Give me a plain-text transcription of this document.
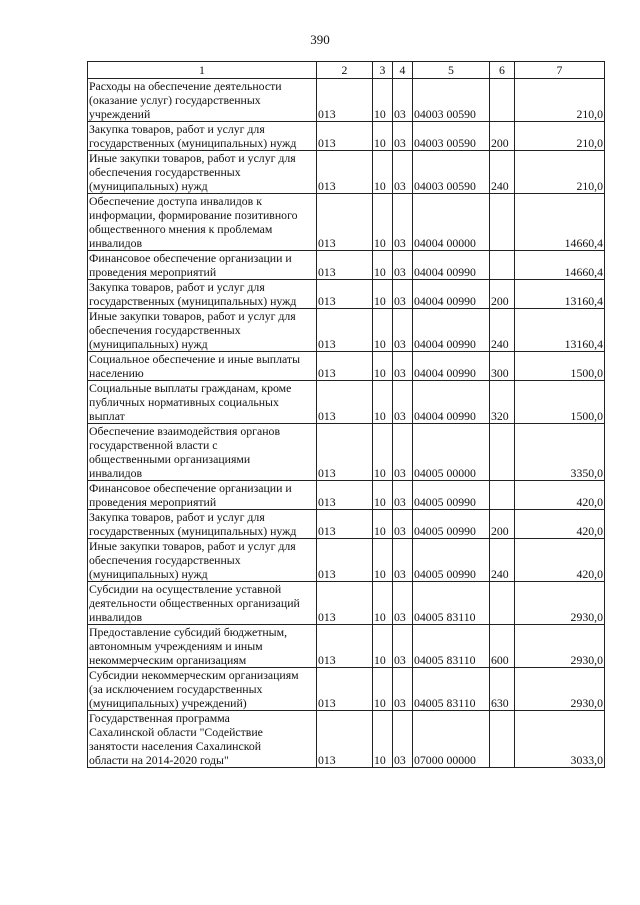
390
1	2	3	4	5	6	7
Расходы на обеспечение деятельности
(оказание услуг) государственных
учреждений	013	10	03	04003 00590		210,0
Закупка товаров, работ и услуг для
государственных (муниципальных) нужд	013	10	03	04003 00590	200	210,0
Иные закупки товаров, работ и услуг для
обеспечения государственных
(муниципальных) нужд	013	10	03	04003 00590	240	210,0
Обеспечение доступа инвалидов к
информации, формирование позитивного
общественного мнения к проблемам
инвалидов	013	10	03	04004 00000		14660,4
Финансовое обеспечение организации и
проведения мероприятий	013	10	03	04004 00990		14660,4
Закупка товаров, работ и услуг для
государственных (муниципальных) нужд	013	10	03	04004 00990	200	13160,4
Иные закупки товаров, работ и услуг для
обеспечения государственных
(муниципальных) нужд	013	10	03	04004 00990	240	13160,4
Социальное обеспечение и иные выплаты
населению	013	10	03	04004 00990	300	1500,0
Социальные выплаты гражданам, кроме
публичных нормативных социальных
выплат	013	10	03	04004 00990	320	1500,0
Обеспечение взаимодействия органов
государственной власти с
общественными организациями
инвалидов	013	10	03	04005 00000		3350,0
Финансовое обеспечение организации и
проведения мероприятий	013	10	03	04005 00990		420,0
Закупка товаров, работ и услуг для
государственных (муниципальных) нужд	013	10	03	04005 00990	200	420,0
Иные закупки товаров, работ и услуг для
обеспечения государственных
(муниципальных) нужд	013	10	03	04005 00990	240	420,0
Субсидии на осуществление уставной
деятельности общественных организаций
инвалидов	013	10	03	04005 83110		2930,0
Предоставление субсидий бюджетным,
автономным учреждениям и иным
некоммерческим организациям	013	10	03	04005 83110	600	2930,0
Субсидии некоммерческим организациям
(за исключением государственных
(муниципальных) учреждений)	013	10	03	04005 83110	630	2930,0
Государственная программа
Сахалинской области "Содействие
занятости населения Сахалинской
области на 2014-2020 годы"	013	10	03	07000 00000		3033,0
